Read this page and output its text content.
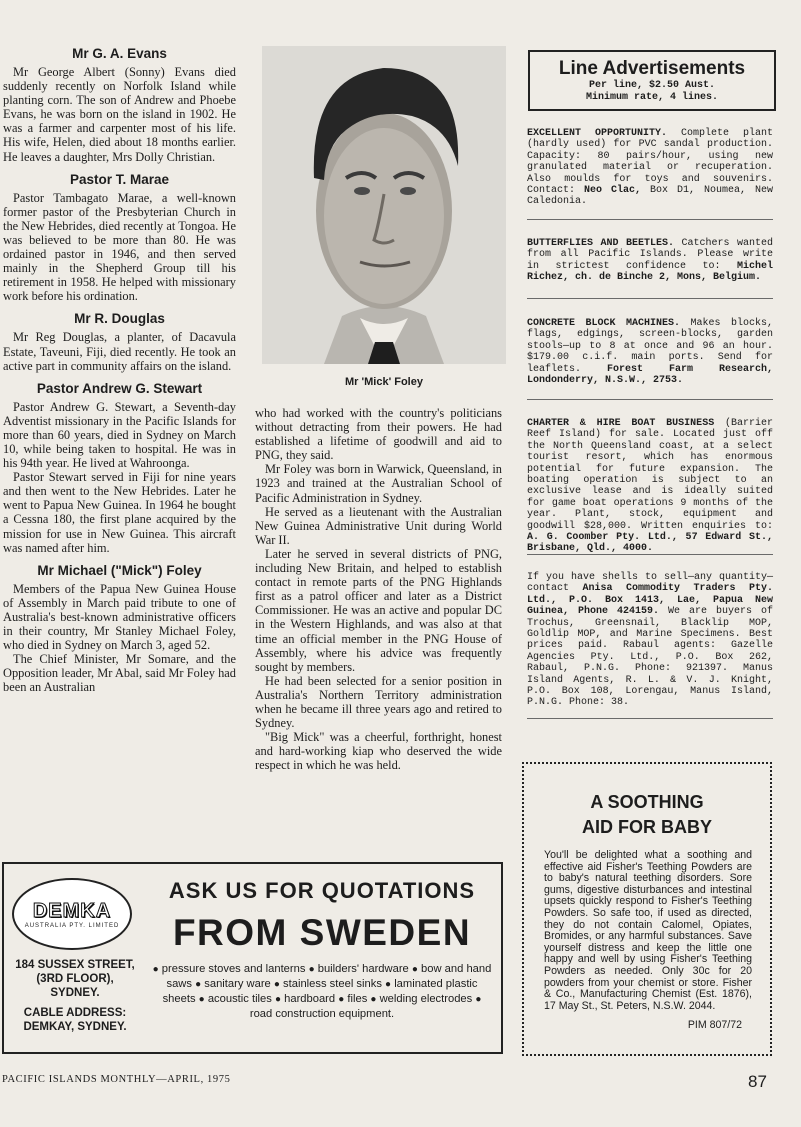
Mr G. A. Evans

Mr George Albert (Sonny) Evans died suddenly recently on Norfolk Island while planting corn. The son of Andrew and Phoebe Evans, he was born on the island in 1902. He was a farmer and carpenter most of his life. His wife, Helen, died about 18 months earlier. He leaves a daughter, Mrs Dolly Christian.

Pastor T. Marae

Pastor Tambagato Marae, a well-known former pastor of the Presbyterian Church in the New Hebrides, died recently at Tongoa. He was believed to be more than 80. He was ordained pastor in 1946, and then served mainly in the Shepherd Group till his retirement in 1958. He helped with missionary work before his ordination.

Mr R. Douglas

Mr Reg Douglas, a planter, of Dacavula Estate, Taveuni, Fiji, died recently. He took an active part in community affairs on the island.

Pastor Andrew G. Stewart

Pastor Andrew G. Stewart, a Seventh-day Adventist missionary in the Pacific Islands for more than 60 years, died in Sydney on March 10, while being taken to hospital. He was in his 94th year. He lived at Wahroonga.

Pastor Stewart served in Fiji for nine years and then went to the New Hebrides. Later he went to Papua New Guinea. In 1964 he bought a Cessna 180, the first plane acquired by the mission for use in New Guinea. This aircraft was named after him.

Mr Michael ("Mick") Foley

Members of the Papua New Guinea House of Assembly in March paid tribute to one of Australia's best-known administrative officers in their country, Mr Stanley Michael Foley, who died in Sydney on March 3, aged 52.

The Chief Minister, Mr Somare, and the Opposition leader, Mr Abal, said Mr Foley had been an Australian

Mr 'Mick' Foley

who had worked with the country's politicians without detracting from their powers. He had established a lifetime of goodwill and aid to PNG, they said.

Mr Foley was born in Warwick, Queensland, in 1923 and trained at the Australian School of Pacific Administration in Sydney.

He served as a lieutenant with the Australian New Guinea Administrative Unit during World War II.

Later he served in several districts of PNG, including New Britain, and helped to establish contact in remote parts of the PNG Highlands first as a patrol officer and later as a District Commissioner. He was an active and popular DC in the Western Highlands, and was also at that time an official member in the PNG House of Assembly, where his advice was frequently sought by members.

He had been selected for a senior position in Australia's Northern Territory administration when he became ill three years ago and retired to Sydney.

"Big Mick" was a cheerful, forthright, honest and hard-working kiap who deserved the wide respect in which he was held.

Line Advertisements
Per line, $2.50 Aust.
Minimum rate, 4 lines.
EXCELLENT OPPORTUNITY. Complete plant (hardly used) for PVC sandal production. Capacity: 80 pairs/hour, using new granulated material or recuperation. Also moulds for toys and souvenirs. Contact: Neo Clac, Box D1, Noumea, New Caledonia.
BUTTERFLIES AND BEETLES. Catchers wanted from all Pacific Islands. Please write in strictest confidence to: Michel Richez, ch. de Binche 2, Mons, Belgium.
CONCRETE BLOCK MACHINES. Makes blocks, flags, edgings, screen-blocks, garden stools—up to 8 at once and 96 an hour. $179.00 c.i.f. main ports. Send for leaflets. Forest Farm Research, Londonderry, N.S.W., 2753.
CHARTER & HIRE BOAT BUSINESS (Barrier Reef Island) for sale. Located just off the North Queensland coast, at a select tourist resort, which has enormous potential for future expansion. The boating operation is subject to an exclusive lease and is ideally suited for game boat operations 9 months of the year. Plant, stock, equipment and goodwill $28,000. Written enquiries to: A. G. Coomber Pty. Ltd., 57 Edward St., Brisbane, Qld., 4000.
If you have shells to sell—any quantity—contact Anisa Commodity Traders Pty. Ltd., P.O. Box 1413, Lae, Papua New Guinea, Phone 424159. We are buyers of Trochus, Greensnail, Blacklip MOP, Goldlip MOP, and Marine Specimens. Best prices paid. Rabaul agents: Gazelle Agencies Pty. Ltd., P.O. Box 262, Rabaul, P.N.G. Phone: 921397. Manus Island Agents, R. L. & V. J. Knight, P.O. Box 108, Lorengau, Manus Island, P.N.G. Phone: 38.
A SOOTHING
AID FOR BABY
You'll be delighted what a soothing and effective aid Fisher's Teething Powders are to baby's natural teething disorders. Sore gums, digestive disturbances and intestinal upsets quickly respond to Fisher's Teething Powders. So safe too, if used as directed, they do not contain Calomel, Opiates, Bromides, or any harmful substances. Save yourself distress and keep the little one happy and well by using Fisher's Teething Powders as needed. Only 30c for 20 powders from your chemist or store. Fisher & Co., Manufacturing Chemist (Est. 1876), 17 May St., St. Peters, N.S.W. 2044.
PIM 807/72
DEMKA
AUSTRALIA PTY. LIMITED
184 SUSSEX STREET,
(3RD FLOOR),
SYDNEY.
CABLE ADDRESS:
DEMKAY, SYDNEY.
ASK US FOR QUOTATIONS
FROM SWEDEN
● pressure stoves and lanterns ● builders' hardware ● bow and hand saws ● sanitary ware ● stainless steel sinks ● laminated plastic sheets ● acoustic tiles ● hardboard ● files ● welding electrodes ● road construction equipment.
PACIFIC ISLANDS MONTHLY—APRIL, 1975	87
